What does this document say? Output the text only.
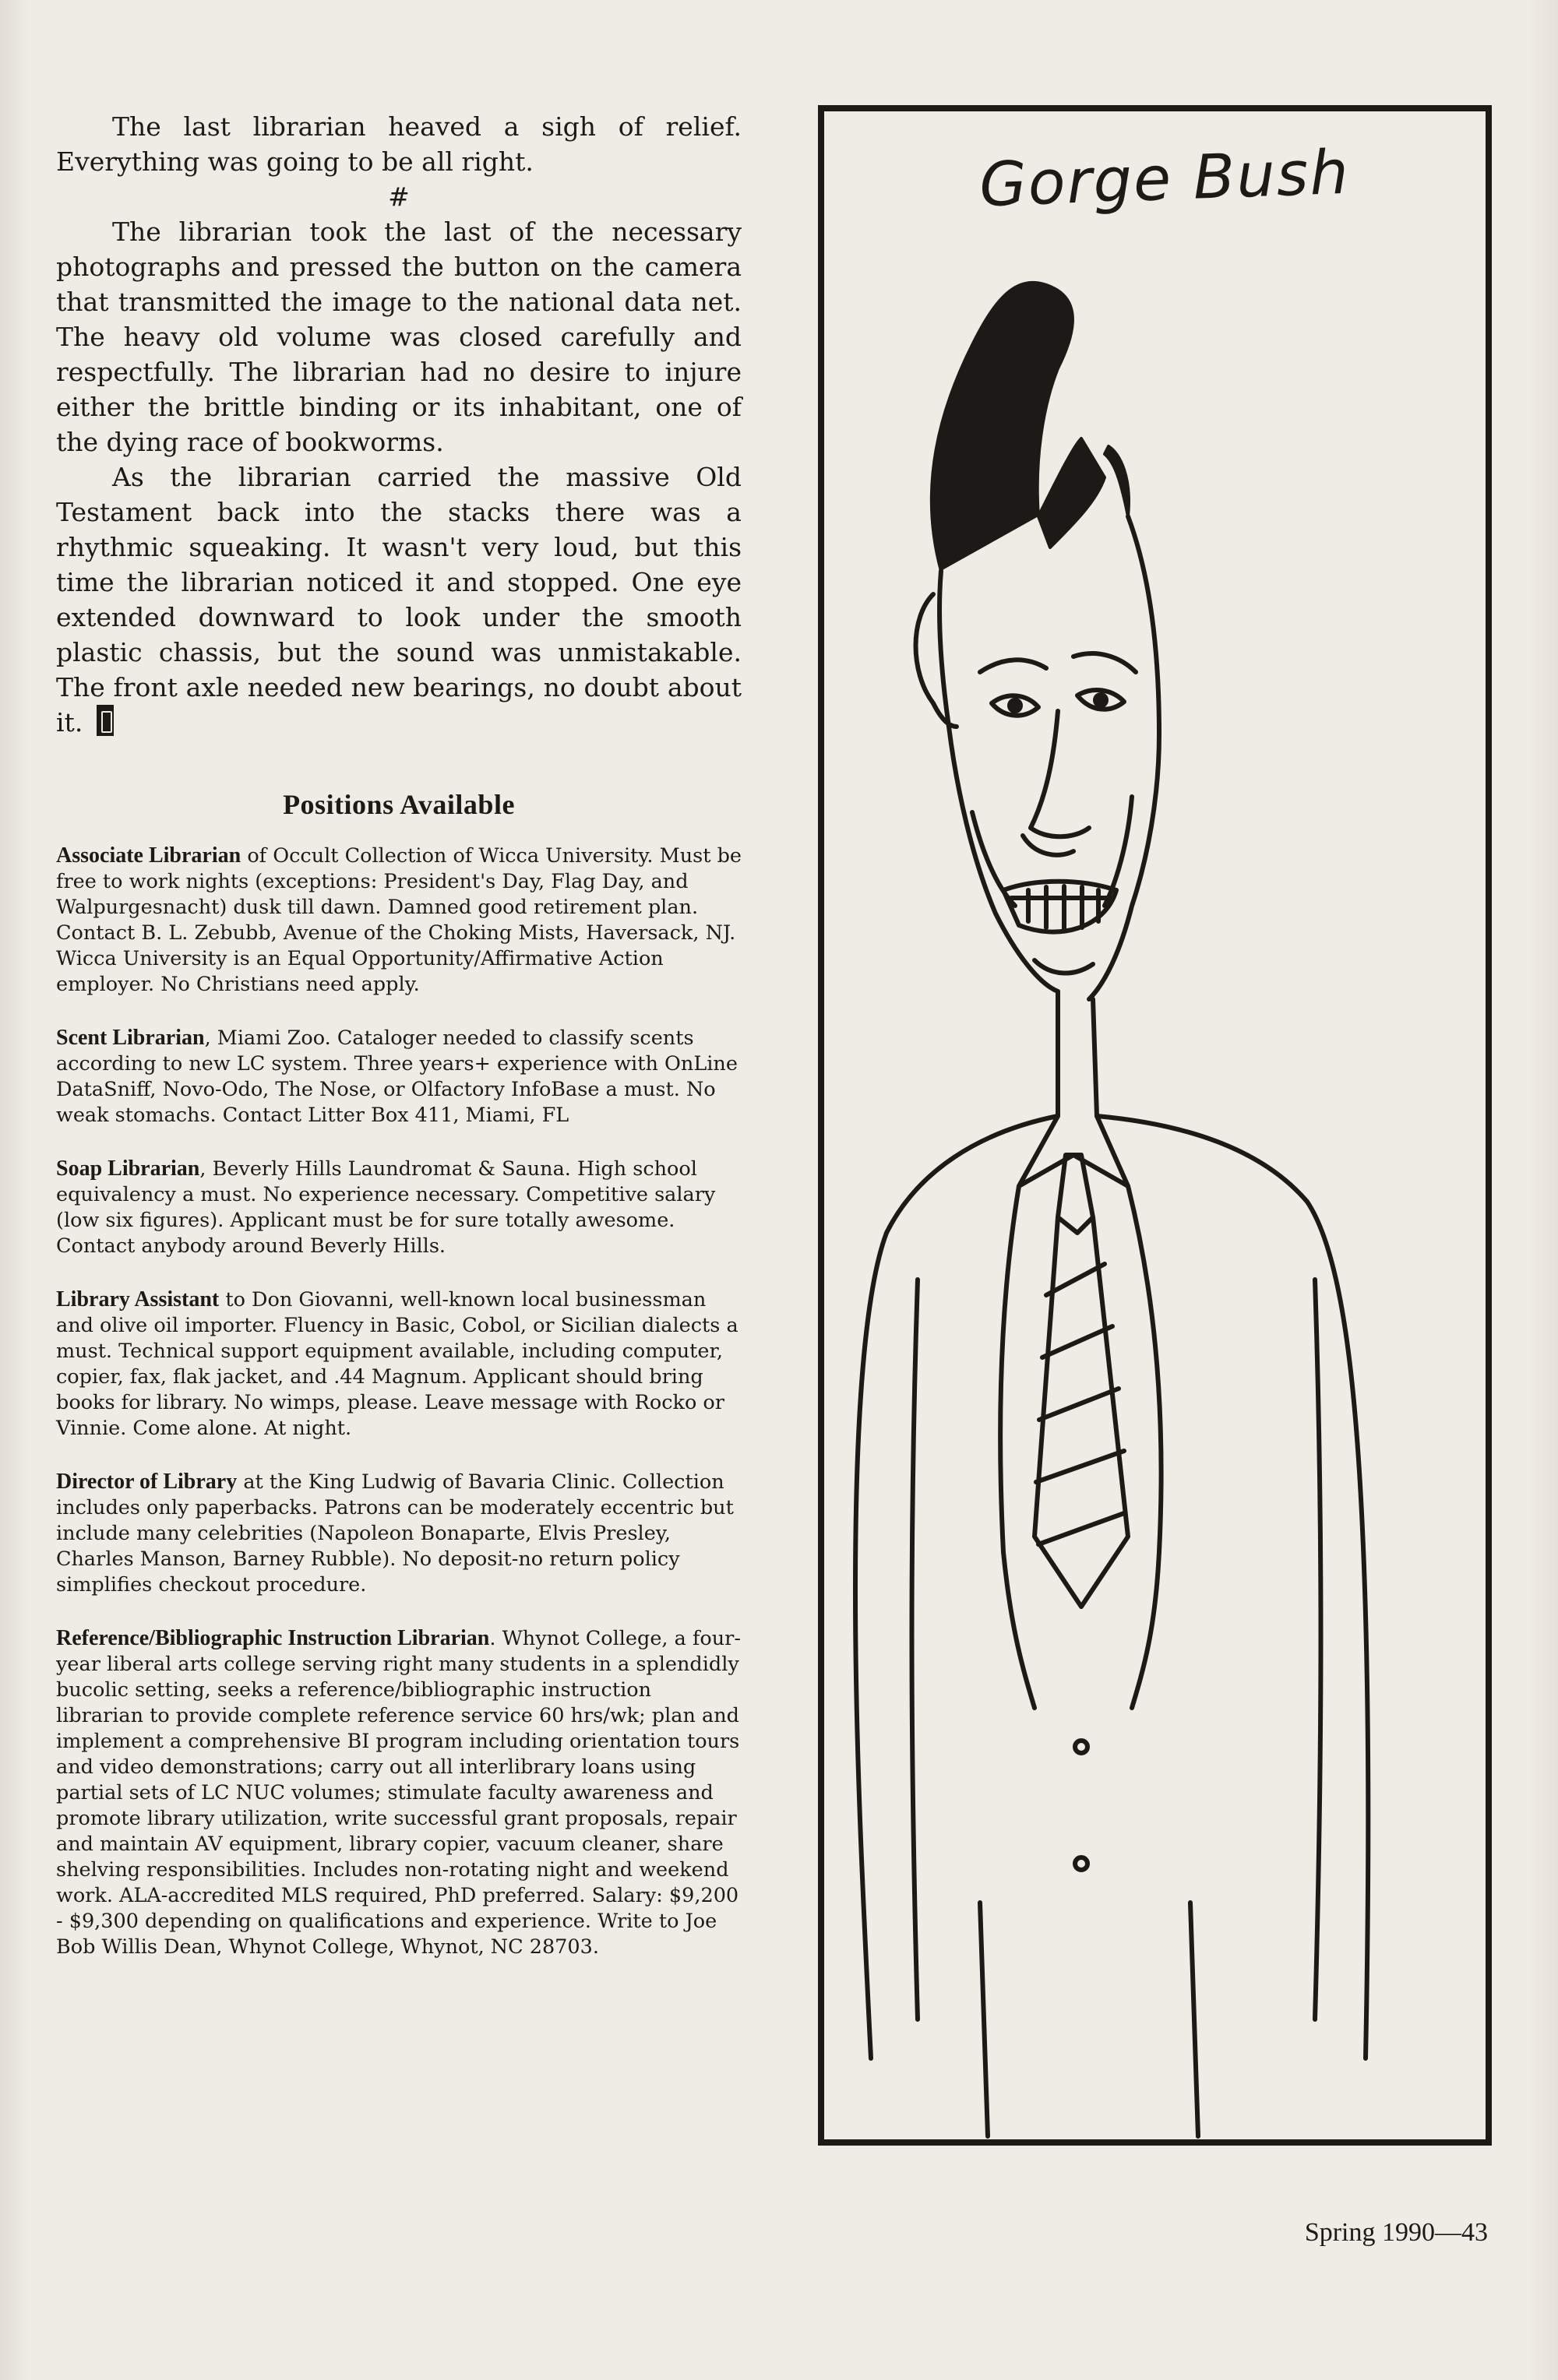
The last librarian heaved a sigh of relief. Everything was going to be all right.

#

The librarian took the last of the necessary photographs and pressed the button on the camera that transmitted the image to the national data net. The heavy old volume was closed carefully and respectfully. The librarian had no desire to injure either the brittle binding or its inhabitant, one of the dying race of bookworms.

As the librarian carried the massive Old Testament back into the stacks there was a rhythmic squeaking. It wasn't very loud, but this time the librarian noticed it and stopped. One eye extended downward to look under the smooth plastic chassis, but the sound was unmistakable. The front axle needed new bearings, no doubt about it.

Positions Available

Associate Librarian of Occult Collection of Wicca University. Must be free to work nights (exceptions: President's Day, Flag Day, and Walpurgesnacht) dusk till dawn. Damned good retirement plan. Contact B. L. Zebubb, Avenue of the Choking Mists, Haversack, NJ. Wicca University is an Equal Opportunity/Affirmative Action employer. No Christians need apply.

Scent Librarian, Miami Zoo. Cataloger needed to classify scents according to new LC system. Three years+ experience with OnLine DataSniff, Novo-Odo, The Nose, or Olfactory InfoBase a must. No weak stomachs. Contact Litter Box 411, Miami, FL

Soap Librarian, Beverly Hills Laundromat & Sauna. High school equivalency a must. No experience necessary. Competitive salary (low six figures). Applicant must be for sure totally awesome. Contact anybody around Beverly Hills.

Library Assistant to Don Giovanni, well-known local businessman and olive oil importer. Fluency in Basic, Cobol, or Sicilian dialects a must. Technical support equipment available, including computer, copier, fax, flak jacket, and .44 Magnum. Applicant should bring books for library. No wimps, please. Leave message with Rocko or Vinnie. Come alone. At night.

Director of Library at the King Ludwig of Bavaria Clinic. Collection includes only paperbacks. Patrons can be moderately eccentric but include many celebrities (Napoleon Bonaparte, Elvis Presley, Charles Manson, Barney Rubble). No deposit-no return policy simplifies checkout procedure.

Reference/Bibliographic Instruction Librarian. Whynot College, a four-year liberal arts college serving right many students in a splendidly bucolic setting, seeks a reference/bibliographic instruction librarian to provide complete reference service 60 hrs/wk; plan and implement a comprehensive BI program including orientation tours and video demonstrations; carry out all interlibrary loans using partial sets of LC NUC volumes; stimulate faculty awareness and promote library utilization, write successful grant proposals, repair and maintain AV equipment, library copier, vacuum cleaner, share shelving responsibilities. Includes non-rotating night and weekend work. ALA-accredited MLS required, PhD preferred. Salary: $9,200 - $9,300 depending on qualifications and experience. Write to Joe Bob Willis Dean, Whynot College, Whynot, NC 28703.

Gorge Bush
Spring 1990—43
